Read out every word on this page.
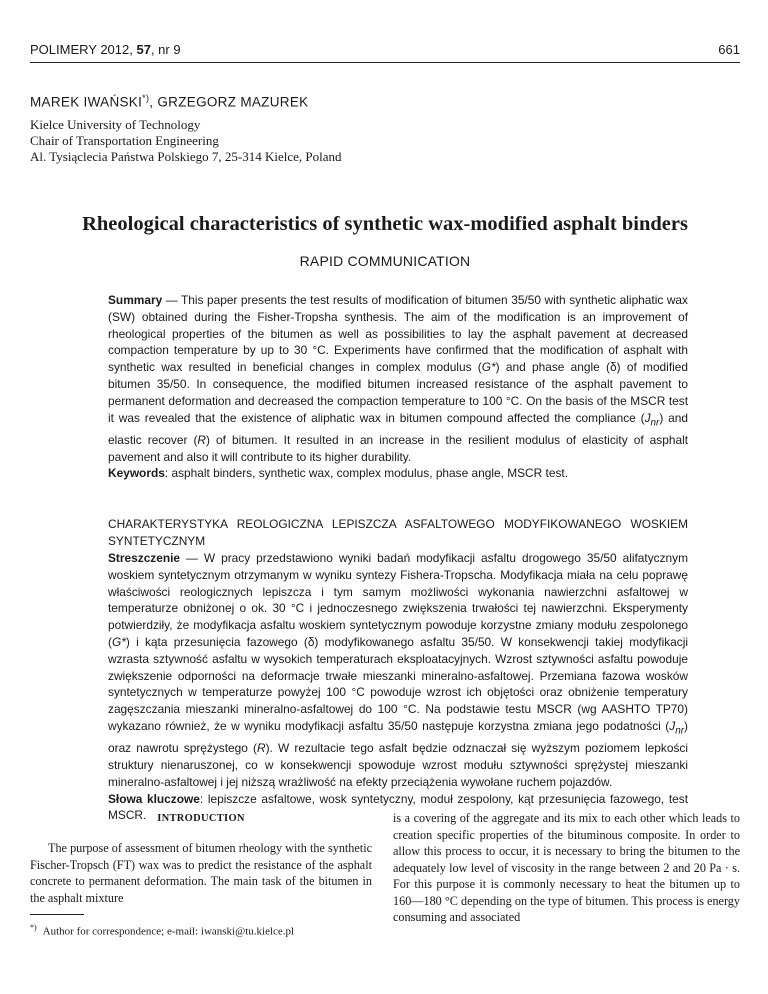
POLIMERY 2012, 57, nr 9	661
MAREK IWAŃSKI*), GRZEGORZ MAZUREK
Kielce University of Technology
Chair of Transportation Engineering
Al. Tysiąclecia Państwa Polskiego 7, 25-314 Kielce, Poland
Rheological characteristics of synthetic wax-modified asphalt binders
RAPID COMMUNICATION

Summary — This paper presents the test results of modification of bitumen 35/50 with synthetic aliphatic wax (SW) obtained during the Fisher-Tropsha synthesis. The aim of the modification is an improvement of rheological properties of the bitumen as well as possibilities to lay the asphalt pavement at decreased compaction temperature by up to 30 °C. Experiments have confirmed that the modification of asphalt with synthetic wax resulted in beneficial changes in complex modulus (G*) and phase angle (δ) of modified bitumen 35/50. In consequence, the modified bitumen increased resistance of the asphalt pavement to permanent deformation and decreased the compaction temperature to 100 °C. On the basis of the MSCR test it was revealed that the existence of aliphatic wax in bitumen compound affected the compliance $(J_{nr})$ and elastic recover (R) of bitumen. It resulted in an increase in the resilient modulus of elasticity of asphalt pavement and also it will contribute to its higher durability.

Keywords: asphalt binders, synthetic wax, complex modulus, phase angle, MSCR test.

CHARAKTERYSTYKA REOLOGICZNA LEPISZCZA ASFALTOWEGO MODYFIKOWANEGO WOSKIEM SYNTETYCZNYM

Streszczenie — W pracy przedstawiono wyniki badań modyfikacji asfaltu drogowego 35/50 alifatycznym woskiem syntetycznym otrzymanym w wyniku syntezy Fishera-Tropscha. Modyfikacja miała na celu poprawę właściwości reologicznych lepiszcza i tym samym możliwości wykonania nawierzchni asfaltowej w temperaturze obniżonej o ok. 30 °C i jednoczesnego zwiększenia trwałości tej nawierzchni. Eksperymenty potwierdziły, że modyfikacja asfaltu woskiem syntetycznym powoduje korzystne zmiany modułu zespolonego (G*) i kąta przesunięcia fazowego (δ) modyfikowanego asfaltu 35/50. W konsekwencji takiej modyfikacji wzrasta sztywność asfaltu w wysokich temperaturach eksploatacyjnych. Wzrost sztywności asfaltu powoduje zwiększenie odporności na deformacje trwałe mieszanki mineralno-asfaltowej. Przemiana fazowa wosków syntetycznych w temperaturze powyżej 100 °C powoduje wzrost ich objętości oraz obniżenie temperatury zagęszczania mieszanki mineralno-asfaltowej do 100 °C. Na podstawie testu MSCR (wg AASHTO TP70) wykazano również, że w wyniku modyfikacji asfaltu 35/50 następuje korzystna zmiana jego podatności $(J_{nr})$ oraz nawrotu sprężystego (R). W rezultacie tego asfalt będzie odznaczał się wyższym poziomem lepkości struktury nienaruszonej, co w konsekwencji spowoduje wzrost modułu sztywności sprężystej mieszanki mineralno-asfaltowej i jej niższą wrażliwość na efekty przeciążenia wywołane ruchem pojazdów.

Słowa kluczowe: lepiszcze asfaltowe, wosk syntetyczny, moduł zespolony, kąt przesunięcia fazowego, test MSCR.	INTRODUCTION

The purpose of assessment of bitumen rheology with the synthetic Fischer-Tropsch (FT) wax was to predict the resistance of the asphalt concrete to permanent deformation. The main task of the bitumen in the asphalt mixture

*) Author for correspondence; e-mail: iwanski@tu.kielce.pl

is a covering of the aggregate and its mix to each other which leads to creation specific properties of the bituminous composite. In order to allow this process to occur, it is necessary to bring the bitumen to the adequately low level of viscosity in the range between 2 and 20 Pa · s. For this purpose it is commonly necessary to heat the bitumen up to 160—180 °C depending on the type of bitumen. This process is energy consuming and associated
